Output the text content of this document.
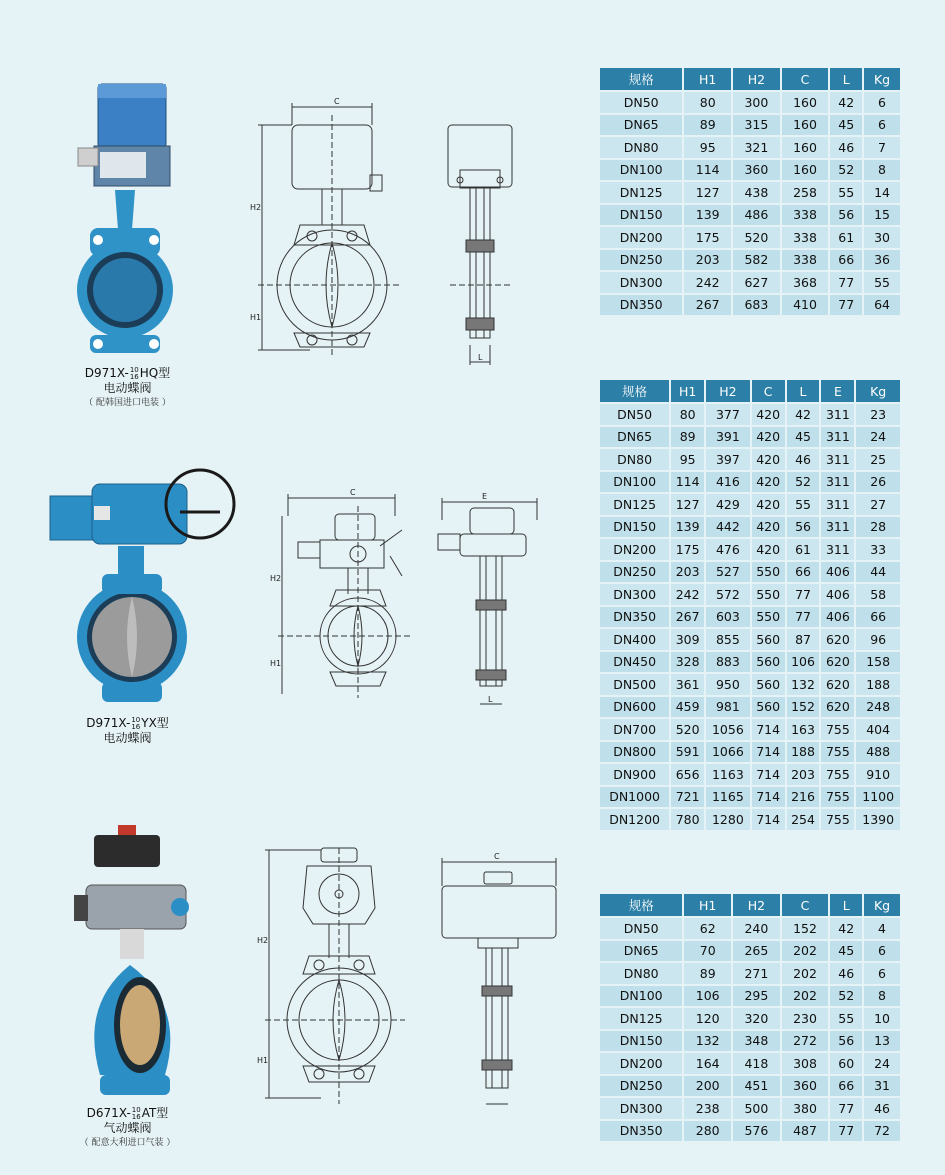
D971X- 10
16 HQ型
电动蝶阀
（ 配韩国进口电装 ）
C
H2
H1
L
规格	H1	H2	C	L	Kg
DN50	80	300	160	42	6
DN65	89	315	160	45	6
DN80	95	321	160	46	7
DN100	114	360	160	52	8
DN125	127	438	258	55	14
DN150	139	486	338	56	15
DN200	175	520	338	61	30
DN250	203	582	338	66	36
DN300	242	627	368	77	55
DN350	267	683	410	77	64
D971X- 10
16 YX型
电动蝶阀
C
H2
H1
E
L
规格	H1	H2	C	L	E	Kg
DN50	80	377	420	42	311	23
DN65	89	391	420	45	311	24
DN80	95	397	420	46	311	25
DN100	114	416	420	52	311	26
DN125	127	429	420	55	311	27
DN150	139	442	420	56	311	28
DN200	175	476	420	61	311	33
DN250	203	527	550	66	406	44
DN300	242	572	550	77	406	58
DN350	267	603	550	77	406	66
DN400	309	855	560	87	620	96
DN450	328	883	560	106	620	158
DN500	361	950	560	132	620	188
DN600	459	981	560	152	620	248
DN700	520	1056	714	163	755	404
DN800	591	1066	714	188	755	488
DN900	656	1163	714	203	755	910
DN1000	721	1165	714	216	755	1100
DN1200	780	1280	714	254	755	1390
D671X- 10
16 AT型
气动蝶阀
（ 配意大利进口气装 ）
H2
H1
C
规格	H1	H2	C	L	Kg
DN50	62	240	152	42	4
DN65	70	265	202	45	6
DN80	89	271	202	46	6
DN100	106	295	202	52	8
DN125	120	320	230	55	10
DN150	132	348	272	56	13
DN200	164	418	308	60	24
DN250	200	451	360	66	31
DN300	238	500	380	77	46
DN350	280	576	487	77	72
